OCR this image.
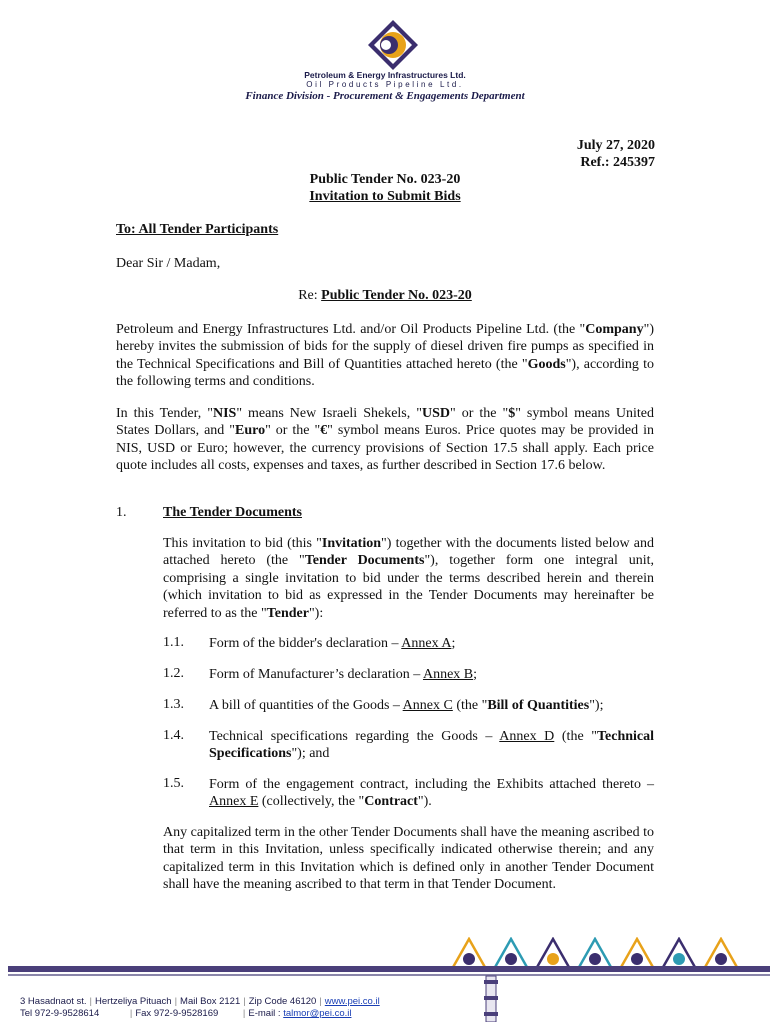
Petroleum & Energy Infrastructures Ltd.
Oil Products Pipeline Ltd.
Finance Division - Procurement & Engagements Department
July 27, 2020
Ref.: 245397
Public Tender No. 023-20
Invitation to Submit Bids
To: All Tender Participants
Dear Sir / Madam,
Re: Public Tender No. 023-20
Petroleum and Energy Infrastructures Ltd. and/or Oil Products Pipeline Ltd. (the "Company") hereby invites the submission of bids for the supply of diesel driven fire pumps as specified in the Technical Specifications and Bill of Quantities attached hereto (the "Goods"), according to the following terms and conditions.
In this Tender, "NIS" means New Israeli Shekels, "USD" or the "$" symbol means United States Dollars, and "Euro" or the "€" symbol means Euros. Price quotes may be provided in NIS, USD or Euro; however, the currency provisions of Section 17.5 shall apply. Each price quote includes all costs, expenses and taxes, as further described in Section 17.6 below.
1.	The Tender Documents
This invitation to bid (this "Invitation") together with the documents listed below and attached hereto (the "Tender Documents"), together form one integral unit, comprising a single invitation to bid under the terms described herein and therein (which invitation to bid as expressed in the Tender Documents may hereinafter be referred to as the "Tender"):
1.1. Form of the bidder's declaration – Annex A;
1.2. Form of Manufacturer’s declaration – Annex B;
1.3. A bill of quantities of the Goods – Annex C (the "Bill of Quantities");
1.4. Technical specifications regarding the Goods – Annex D (the "Technical Specifications"); and
1.5. Form of the engagement contract, including the Exhibits attached thereto – Annex E (collectively, the "Contract").
Any capitalized term in the other Tender Documents shall have the meaning ascribed to that term in this Invitation, unless specifically indicated otherwise therein; and any capitalized term in this Invitation which is defined only in another Tender Document shall have the meaning ascribed to that term in that Tender Document.
3 Hasadnaot st. | Hertzeliya Pituach | Mail Box 2121 | Zip Code 46120 | www.pei.co.il
Tel 972-9-9528614	| Fax 972-9-9528169	| E-mail : talmor@pei.co.il
